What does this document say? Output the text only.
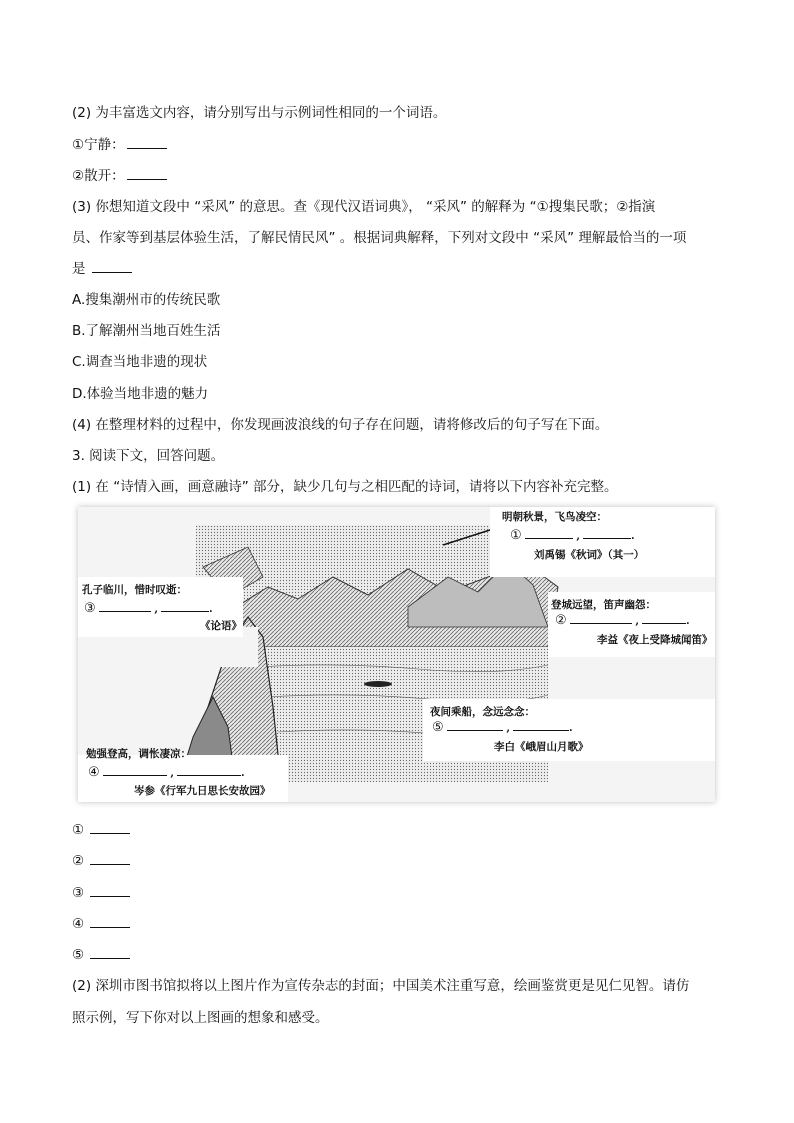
(2) 为丰富选文内容，请分别写出与示例词性相同的一个词语。
①宁静：
②散开：
(3) 你想知道文段中 “采风” 的意思。查《现代汉语词典》， “采风” 的解释为 “①搜集民歌；②指演
员、作家等到基层体验生活，了解民情民风” 。根据词典解释，下列对文段中 “采风” 理解最恰当的一项
是
A.搜集潮州市的传统民歌
B.了解潮州当地百姓生活
C.调查当地非遗的现状
D.体验当地非遗的魅力
(4) 在整理材料的过程中，你发现画波浪线的句子存在问题，请将修改后的句子写在下面。
3. 阅读下文，回答问题。
(1) 在 “诗情入画，画意融诗” 部分，缺少几句与之相匹配的诗词，请将以下内容补充完整。
明朝秋景，飞鸟凌空：
①	,	.
刘禹锡《秋词》（其一）
登城远望，笛声幽怨：
②	,	.
李益《夜上受降城闻笛》
孔子临川，惜时叹逝：
③	,	.
《论语》
夜间乘船，念远念念：
⑤	,	.
李白《峨眉山月歌》
勉强登高，调怅凄凉：
④	,	.
岑参《行军九日思长安故园》
①
②
③
④
⑤
(2) 深圳市图书馆拟将以上图片作为宣传杂志的封面；中国美术注重写意，绘画鉴赏更是见仁见智。请仿
照示例，写下你对以上图画的想象和感受。
